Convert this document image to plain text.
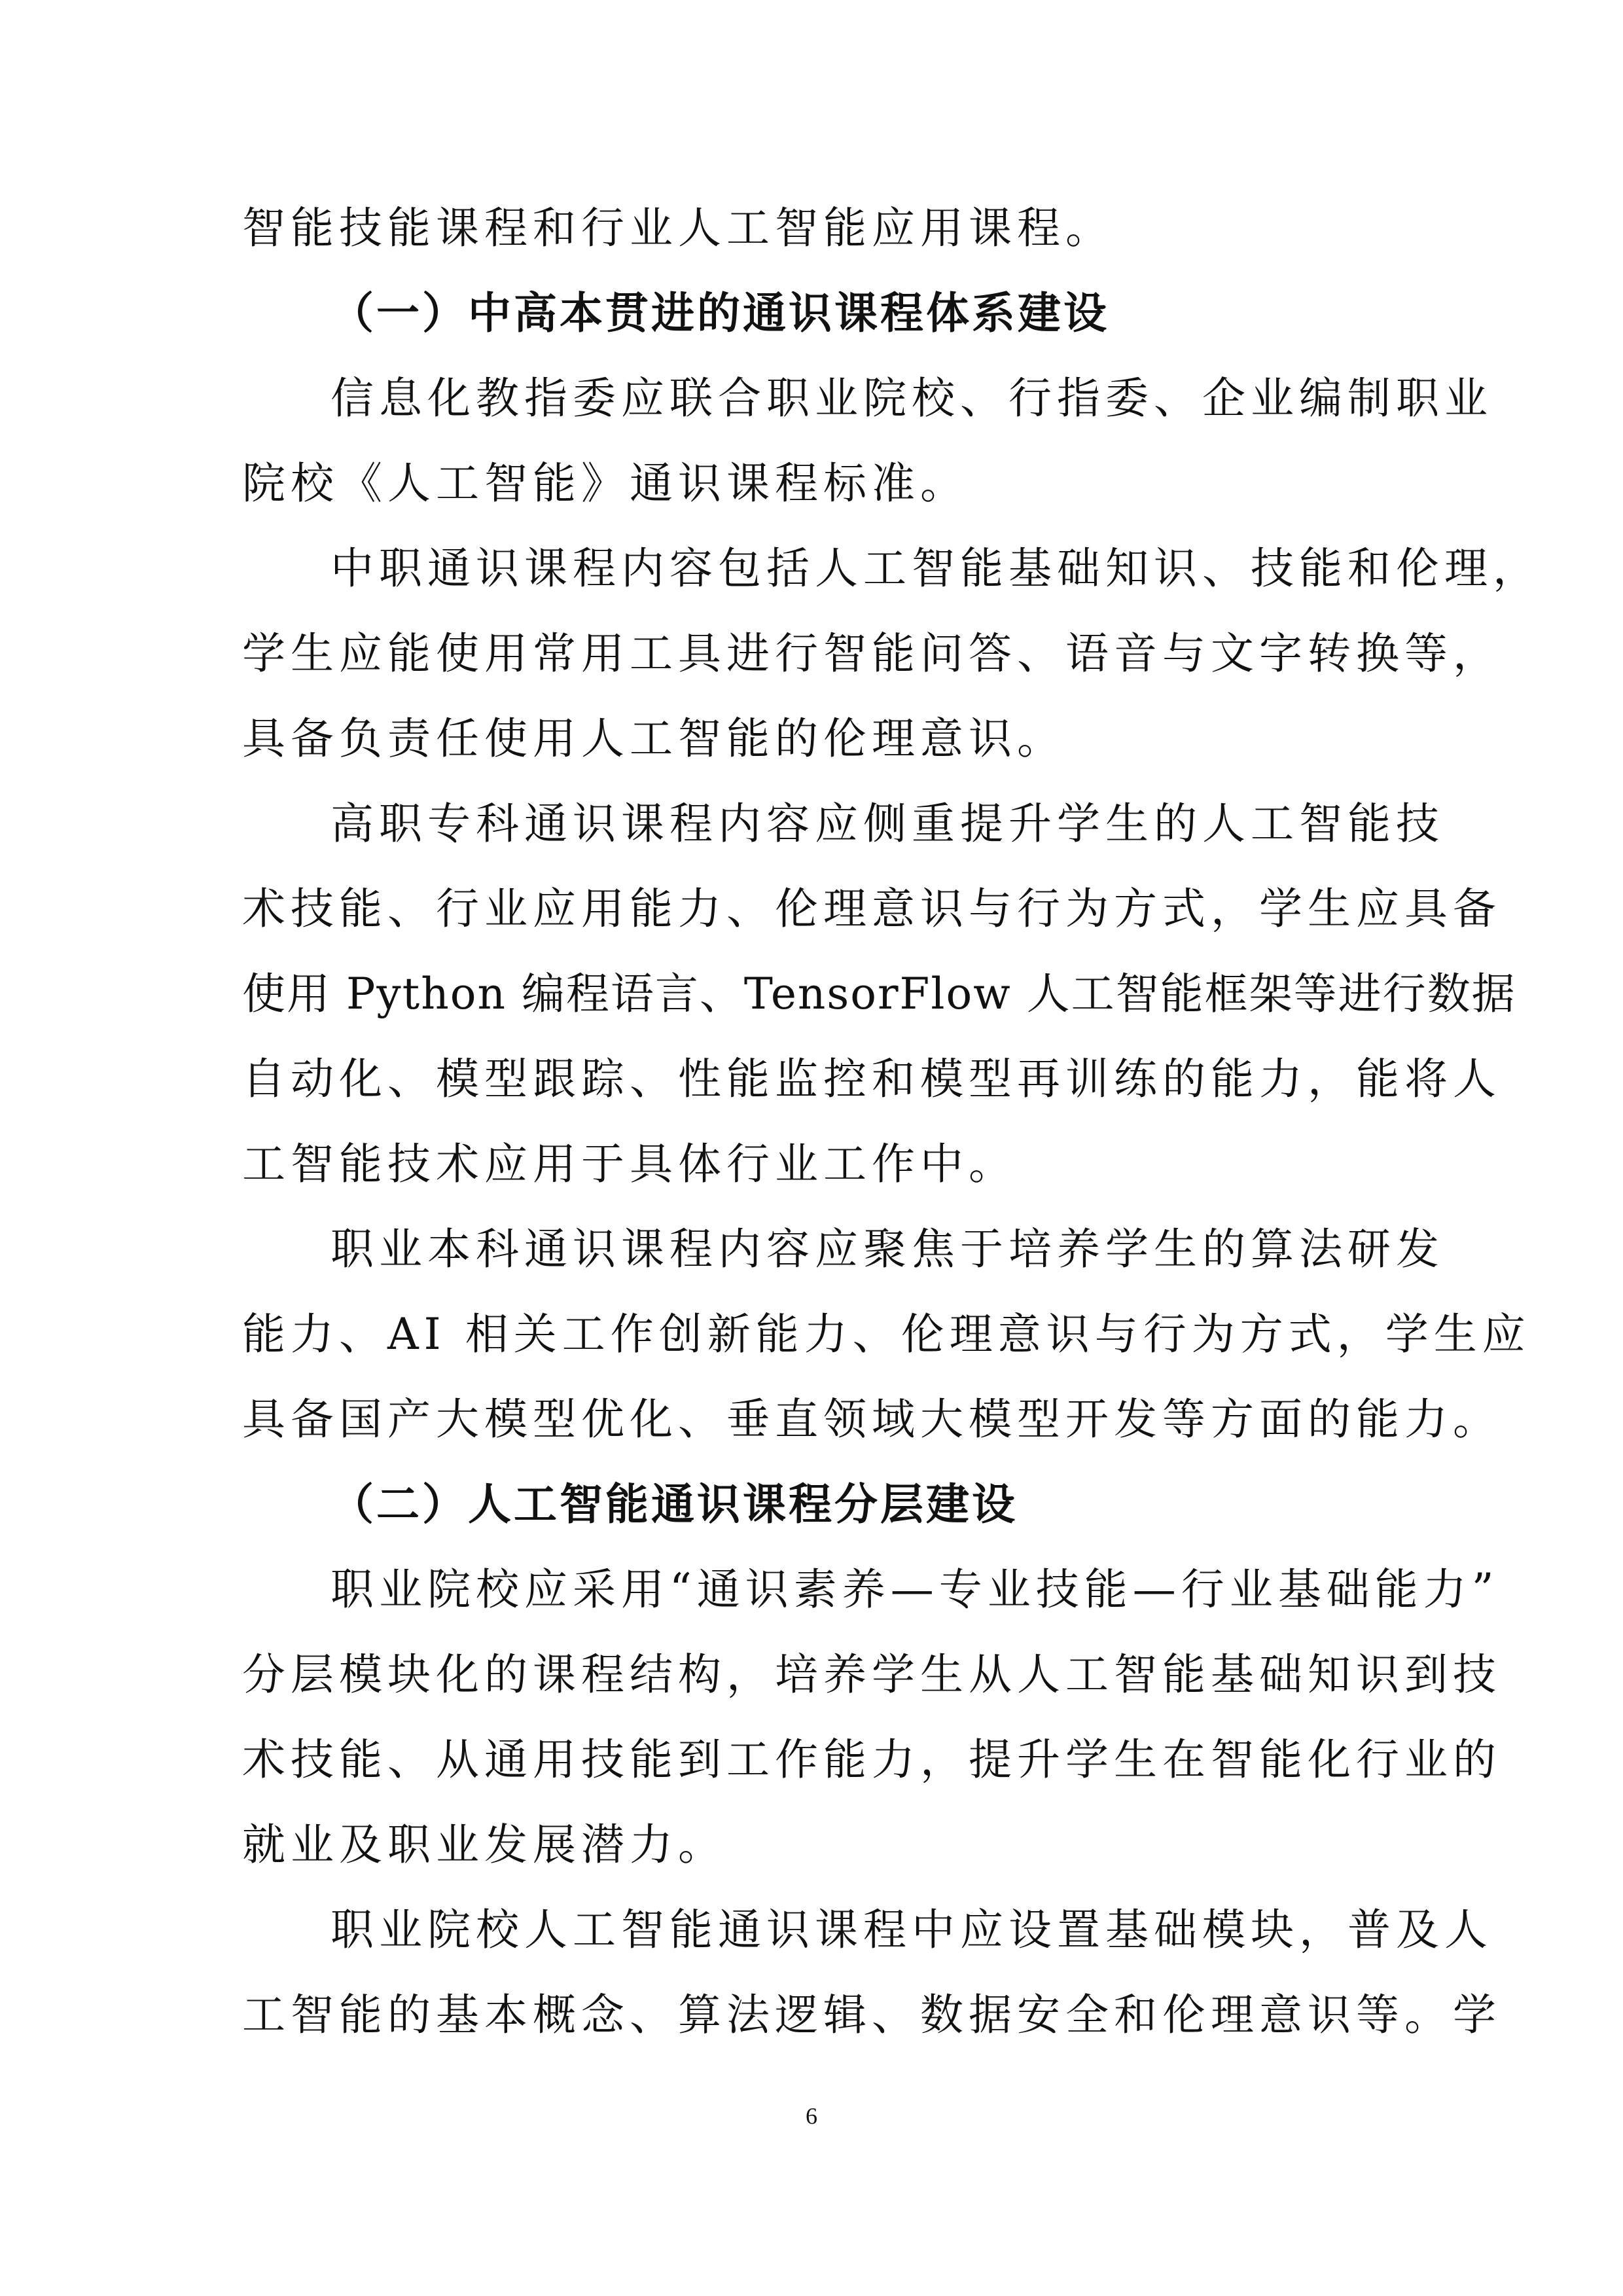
智能技能课程和行业人工智能应用课程。
（一）中高本贯进的通识课程体系建设
信息化教指委应联合职业院校、行指委、企业编制职业
院校《人工智能》通识课程标准。
中职通识课程内容包括人工智能基础知识、技能和伦理，
学生应能使用常用工具进行智能问答、语音与文字转换等，
具备负责任使用人工智能的伦理意识。
高职专科通识课程内容应侧重提升学生的人工智能技
术技能、行业应用能力、伦理意识与行为方式，学生应具备
使用 Python 编程语言、TensorFlow 人工智能框架等进行数据
自动化、模型跟踪、性能监控和模型再训练的能力，能将人
工智能技术应用于具体行业工作中。
职业本科通识课程内容应聚焦于培养学生的算法研发
能力、AI 相关工作创新能力、伦理意识与行为方式，学生应
具备国产大模型优化、垂直领域大模型开发等方面的能力。
（二）人工智能通识课程分层建设
职业院校应采用“通识素养—专业技能—行业基础能力”
分层模块化的课程结构，培养学生从人工智能基础知识到技
术技能、从通用技能到工作能力，提升学生在智能化行业的
就业及职业发展潜力。
职业院校人工智能通识课程中应设置基础模块，普及人
工智能的基本概念、算法逻辑、数据安全和伦理意识等。学
6
